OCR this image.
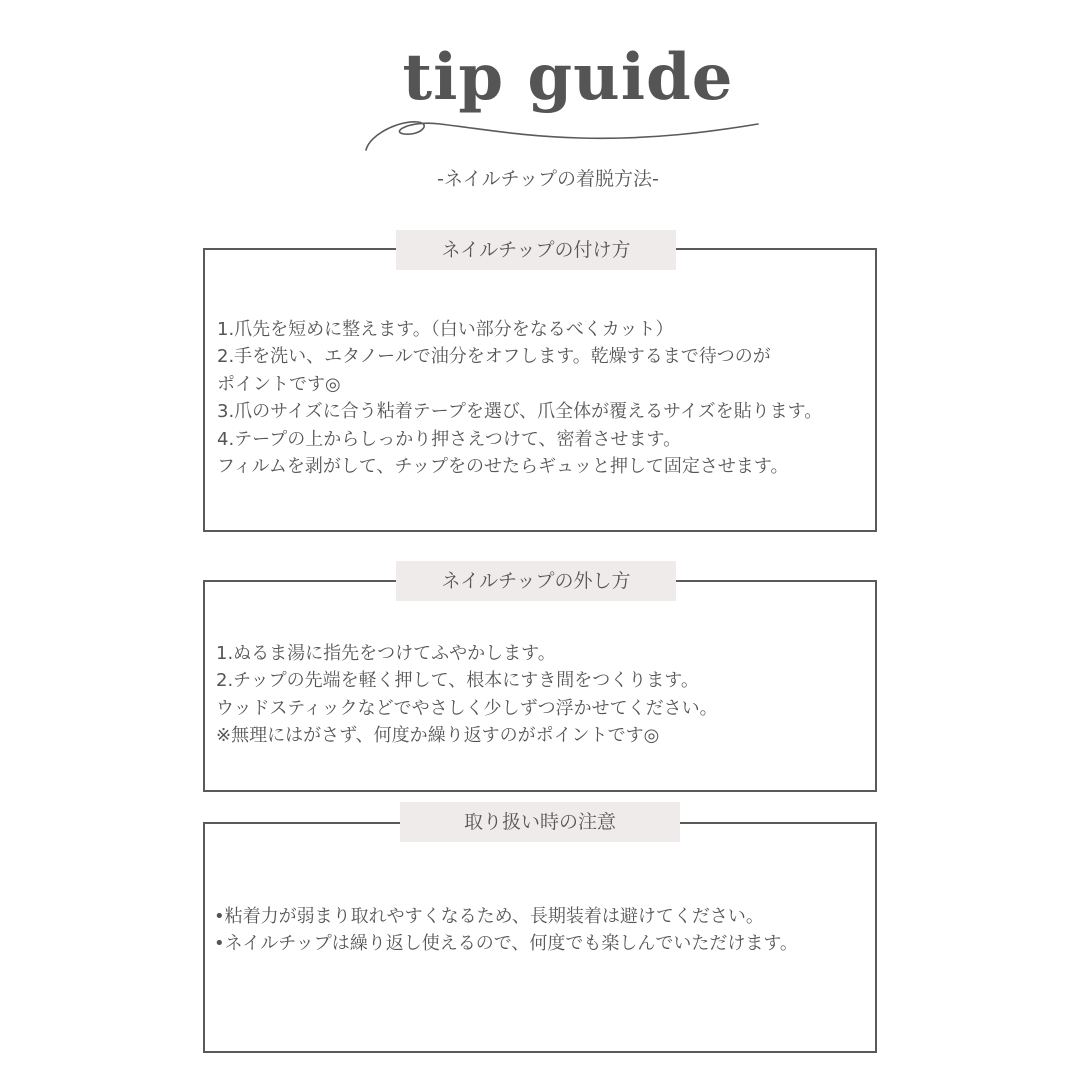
tip guide
-ネイルチップの着脱方法-
ネイルチップの付け方
1.爪先を短めに整えます。（白い部分をなるべくカット）
2.手を洗い、エタノールで油分をオフします。乾燥するまで待つのが
ポイントです◎
3.爪のサイズに合う粘着テープを選び、爪全体が覆えるサイズを貼ります。
4.テープの上からしっかり押さえつけて、密着させます。
フィルムを剥がして、チップをのせたらギュッと押して固定させます。
ネイルチップの外し方
1.ぬるま湯に指先をつけてふやかします。
2.チップの先端を軽く押して、根本にすき間をつくります。
ウッドスティックなどでやさしく少しずつ浮かせてください。
※無理にはがさず、何度か繰り返すのがポイントです◎
取り扱い時の注意
•粘着力が弱まり取れやすくなるため、長期装着は避けてください。
•ネイルチップは繰り返し使えるので、何度でも楽しんでいただけます。
